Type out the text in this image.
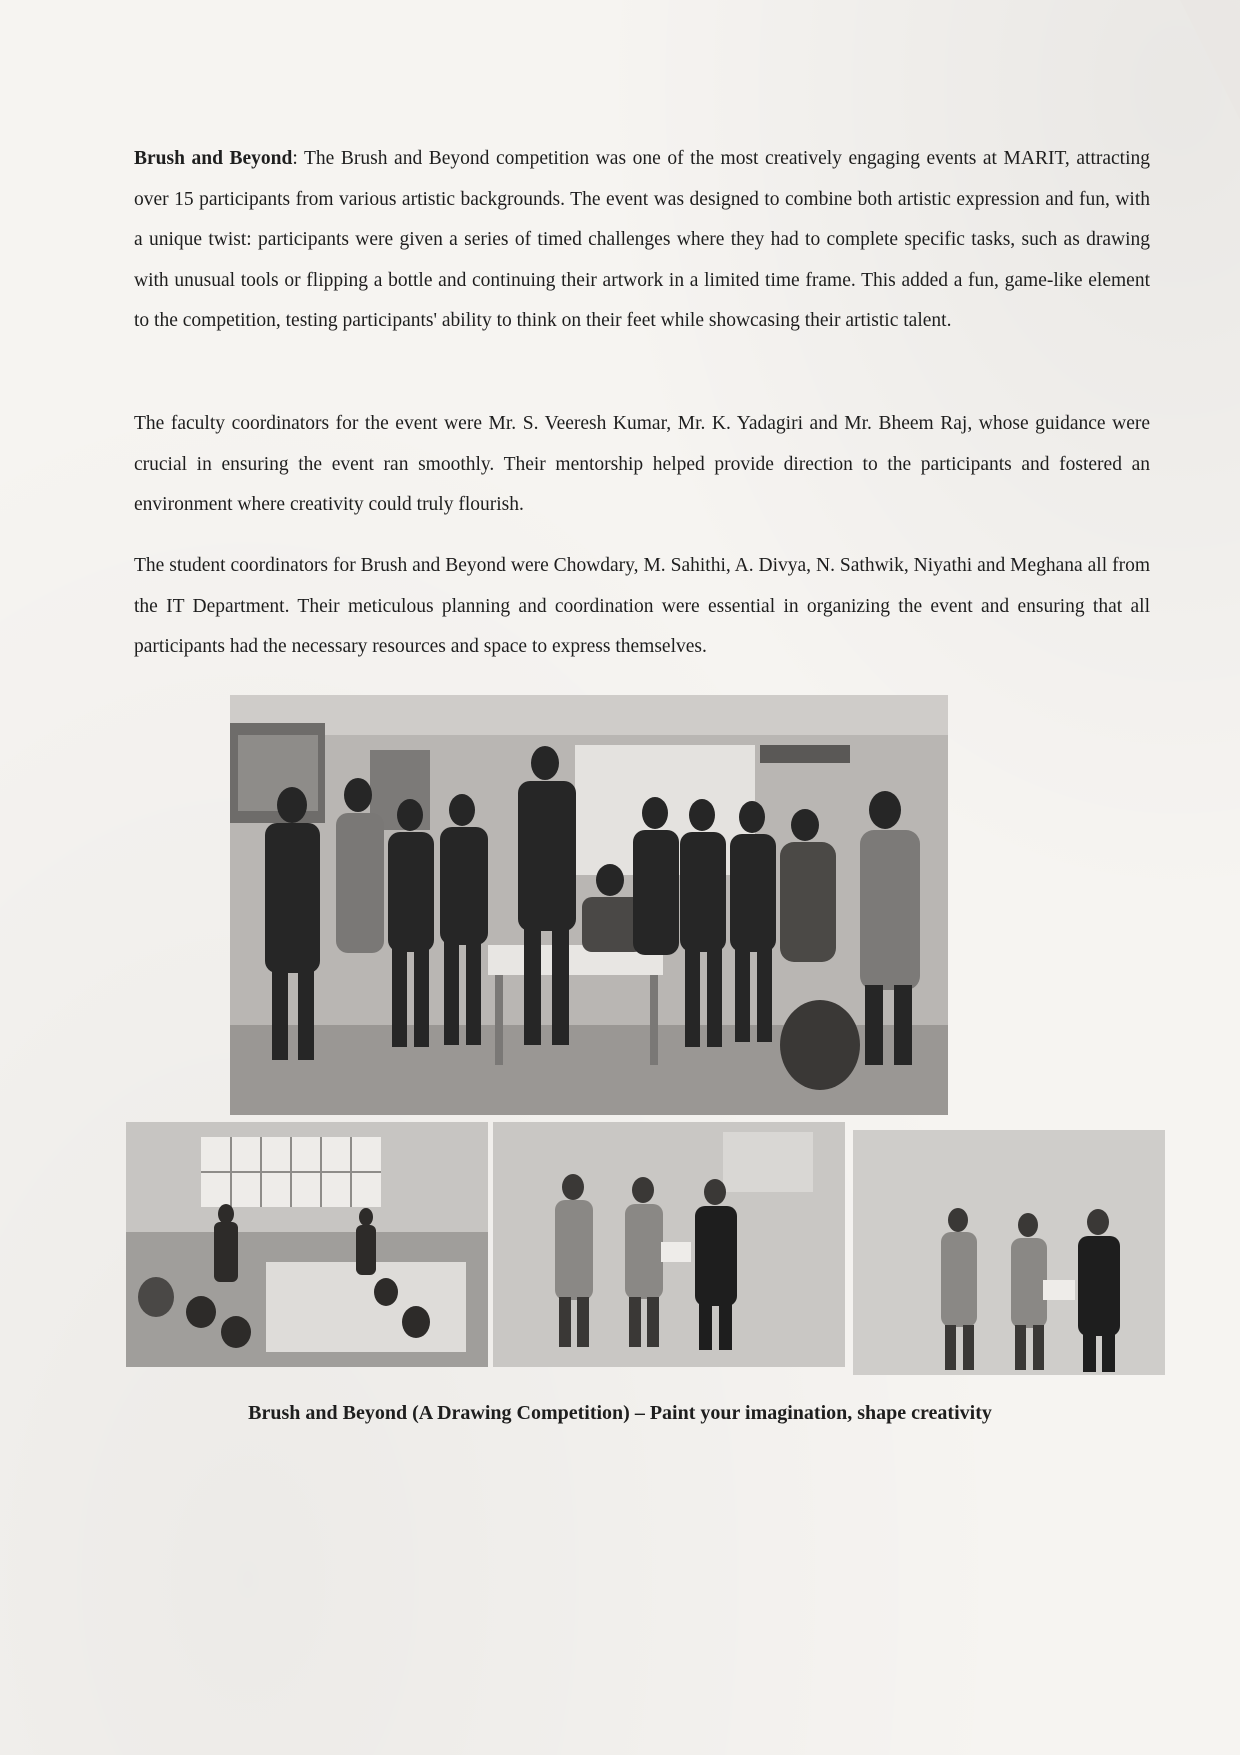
Brush and Beyond: The Brush and Beyond competition was one of the most creatively engaging events at MARIT, attracting over 15 participants from various artistic backgrounds. The event was designed to combine both artistic expression and fun, with a unique twist: participants were given a series of timed challenges where they had to complete specific tasks, such as drawing with unusual tools or flipping a bottle and continuing their artwork in a limited time frame. This added a fun, game-like element to the competition, testing participants' ability to think on their feet while showcasing their artistic talent.

The faculty coordinators for the event were Mr. S. Veeresh Kumar, Mr. K. Yadagiri and Mr. Bheem Raj, whose guidance were crucial in ensuring the event ran smoothly. Their mentorship helped provide direction to the participants and fostered an environment where creativity could truly flourish.

The student coordinators for Brush and Beyond were Chowdary, M. Sahithi, A. Divya, N. Sathwik, Niyathi and Meghana all from the IT Department. Their meticulous planning and coordination were essential in organizing the event and ensuring that all participants had the necessary resources and space to express themselves.

Brush and Beyond (A Drawing Competition) – Paint your imagination, shape creativity
